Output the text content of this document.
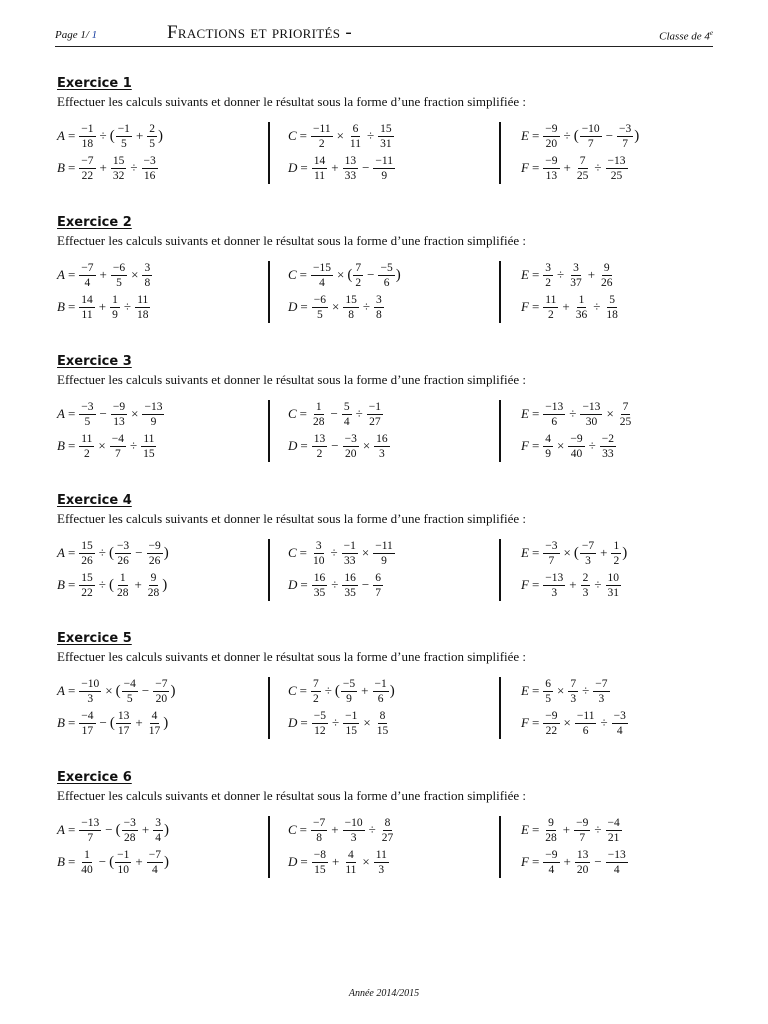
Page 1/ 1	Fractions et priorités -	Classe de 4e
Exercice 1
Effectuer les calculs suivants et donner le résultat sous la forme d’une fraction simplifiée :
$A = \frac{-1}{18}$ ÷ ( $\frac{-1}{5} + \frac{2}{5}$ )
$B = \frac{-7}{22} + \frac{15}{32} \div \frac{-3}{16}$
$C = \frac{-11}{2} \times \frac{6}{11} \div \frac{15}{31}$
$D = \frac{14}{11} + \frac{13}{33} - \frac{-11}{9}$
$E = \frac{-9}{20}$ ÷ ( $\frac{-10}{7} - \frac{-3}{7}$ )
$F = \frac{-9}{13} + \frac{7}{25} \div \frac{-13}{25}$
Exercice 2
Effectuer les calculs suivants et donner le résultat sous la forme d’une fraction simplifiée :
$A = \frac{-7}{4} + \frac{-6}{5} \times \frac{3}{8}$
$B = \frac{14}{11} + \frac{1}{9} \div \frac{11}{18}$
$C = \frac{-15}{4}$ × ( $\frac{7}{2} - \frac{-5}{6}$ )
$D = \frac{-6}{5} \times \frac{15}{8} \div \frac{3}{8}$
$E = \frac{3}{2} \div \frac{3}{37} + \frac{9}{26}$
$F = \frac{11}{2} + \frac{1}{36} \div \frac{5}{18}$
Exercice 3
Effectuer les calculs suivants et donner le résultat sous la forme d’une fraction simplifiée :
$A = \frac{-3}{5} - \frac{-9}{13} \times \frac{-13}{9}$
$B = \frac{11}{2} \times \frac{-4}{7} \div \frac{11}{15}$
$C = \frac{1}{28} - \frac{5}{4} \div \frac{-1}{27}$
$D = \frac{13}{2} - \frac{-3}{20} \times \frac{16}{3}$
$E = \frac{-13}{6} \div \frac{-13}{30} \times \frac{7}{25}$
$F = \frac{4}{9} \times \frac{-9}{40} \div \frac{-2}{33}$
Exercice 4
Effectuer les calculs suivants et donner le résultat sous la forme d’une fraction simplifiée :
$A = \frac{15}{26}$ ÷ ( $\frac{-3}{26} - \frac{-9}{26}$ )
$B = \frac{15}{22}$ ÷ ( $\frac{1}{28} + \frac{9}{28}$ )
$C = \frac{3}{10} \div \frac{-1}{33} \times \frac{-11}{9}$
$D = \frac{16}{35} \div \frac{16}{35} - \frac{6}{7}$
$E = \frac{-3}{7}$ × ( $\frac{-7}{3} + \frac{1}{2}$ )
$F = \frac{-13}{3} + \frac{2}{3} \div \frac{10}{31}$
Exercice 5
Effectuer les calculs suivants et donner le résultat sous la forme d’une fraction simplifiée :
$A = \frac{-10}{3}$ × ( $\frac{-4}{5} - \frac{-7}{20}$ )
$B = \frac{-4}{17}$ − ( $\frac{13}{17} + \frac{4}{17}$ )
$C = \frac{7}{2}$ ÷ ( $\frac{-5}{9} + \frac{-1}{6}$ )
$D = \frac{-5}{12} \div \frac{-1}{15} \times \frac{8}{15}$
$E = \frac{6}{5} \times \frac{7}{3} \div \frac{-7}{3}$
$F = \frac{-9}{22} \times \frac{-11}{6} \div \frac{-3}{4}$
Exercice 6
Effectuer les calculs suivants et donner le résultat sous la forme d’une fraction simplifiée :
$A = \frac{-13}{7}$ − ( $\frac{-3}{28} + \frac{3}{4}$ )
$B = \frac{1}{40}$ − ( $\frac{-1}{10} + \frac{-7}{4}$ )
$C = \frac{-7}{8} + \frac{-10}{3} \div \frac{8}{27}$
$D = \frac{-8}{15} + \frac{4}{11} \times \frac{11}{3}$
$E = \frac{9}{28} + \frac{-9}{7} \div \frac{-4}{21}$
$F = \frac{-9}{4} + \frac{13}{20} - \frac{-13}{4}$
Année 2014/2015
